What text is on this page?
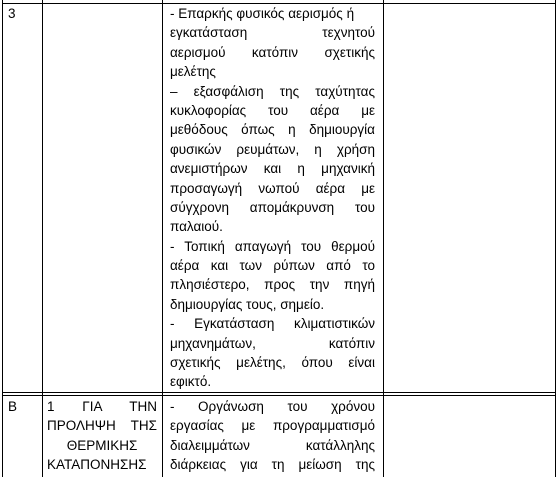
3	- Επαρκής φυσικός αερισμός ή
εγκατάσταση τεχνητού
αερισμού κατόπιν σχετικής
μελέτης
– εξασφάλιση της ταχύτητας
κυκλοφορίας του αέρα με
μεθόδους όπως η δημιουργία
φυσικών ρευμάτων, η χρήση
ανεμιστήρων και η μηχανική
προσαγωγή νωπού αέρα με
σύγχρονη απομάκρυνση του
παλαιού.
- Τοπική απαγωγή του θερμού
αέρα και των ρύπων από το
πλησιέστερο, προς την πηγή
δημιουργίας τους, σημείο.
- Εγκατάσταση κλιματιστικών
μηχανημάτων, κατόπιν
σχετικής μελέτης, όπου είναι
εφικτό.
Β 1 ΓΙΑ ΤΗΝ
ΠΡΟΛΗΨΗ ΤΗΣ
ΘΕΡΜΙΚΗΣ
ΚΑΤΑΠΟΝΗΣΗΣ
- Οργάνωση του χρόνου
εργασίας με προγραμματισμό
διαλειμμάτων κατάλληλης
διάρκειας για τη μείωση της
